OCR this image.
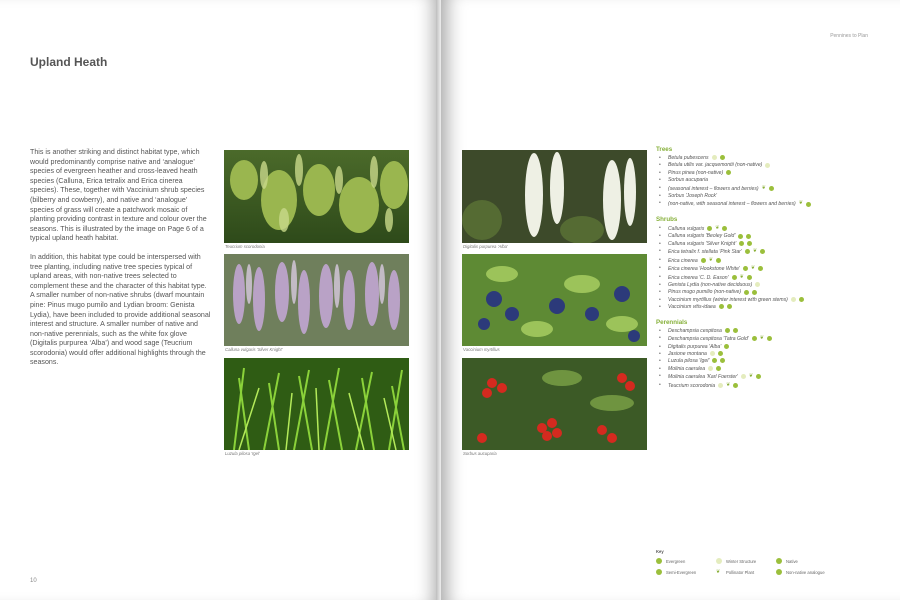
Upland Heath

This is another striking and distinct habitat type, which would predominantly comprise native and ‘analogue’ species of evergreen heather and cross-leaved heath species (Calluna, Erica tetralix and Erica cinerea species). These, together with Vaccinium shrub species (bilberry and cowberry), and native and ‘analogue’ species of grass will create a patchwork mosaic of planting providing contrast in texture and colour over the seasons. This is illustrated by the image on Page 6 of a typical upland heath habitat.

In addition, this habitat type could be interspersed with tree planting, including native tree species typical of upland areas, with non-native trees selected to complement these and the character of this habitat type. A smaller number of non-native shrubs (dwarf mountain pine: Pinus mugo pumilo and Lydian broom: Genista Lydia), have been included to provide additional seasonal interest and structure. A smaller number of native and non-native perennials, such as the white fox glove (Digitalis purpurea ‘Alba’) and wood sage (Teucrium scorodonia) would offer additional highlights through the seasons.

Teucrium scorodonia
Calluna vulgaris 'Silver Knight'
Luzula pilosa 'Igel'
10
Pennines to Plan
Digitalis purpurea 'Alba'
Vaccinium myrtillus
Sorbus aucuparia
Trees
• Betula pubescens
• Betula utilis var. jacquemontii (non-native)
• Pinus pinea (non-native)
• Sorbus aucuparia
• (seasonal interest – flowers and berries) ❦
• Sorbus 'Joseph Rock'
• (non-native, with seasonal interest – flowers and berries) ❦
Shrubs
• Calluna vulgaris ❦
• Calluna vulgaris 'Beoley Gold'
• Calluna vulgaris 'Silver Knight'
• Erica tetralix f. stellata 'Pink Star' ❦
• Erica cinerea ❦
• Erica cinerea 'Hookstone White' ❦
• Erica cinerea 'C. D. Eason' ❦
• Genista Lydia (non-native deciduous)
• Pinus mugo pumilio (non-native)
• Vaccinium myrtillus (winter interest with green stems)
• Vaccinium vitis-idaea
Perennials
• Deschampsia cespitosa
• Deschampsia cespitosa 'Tatra Gold' ❦
• Digitalis purpurea 'Alba'
• Jasione montana
• Luzula pilosa 'Igel'
• Molinia caerulea
• Molinia caerulea 'Karl Foerster' ❦
• Teucrium scorodonia ❦
Key
Evergreen	Winter Structure	Native
Semi-Evergreen	❦	Pollinator Plant	Non-native analogue
